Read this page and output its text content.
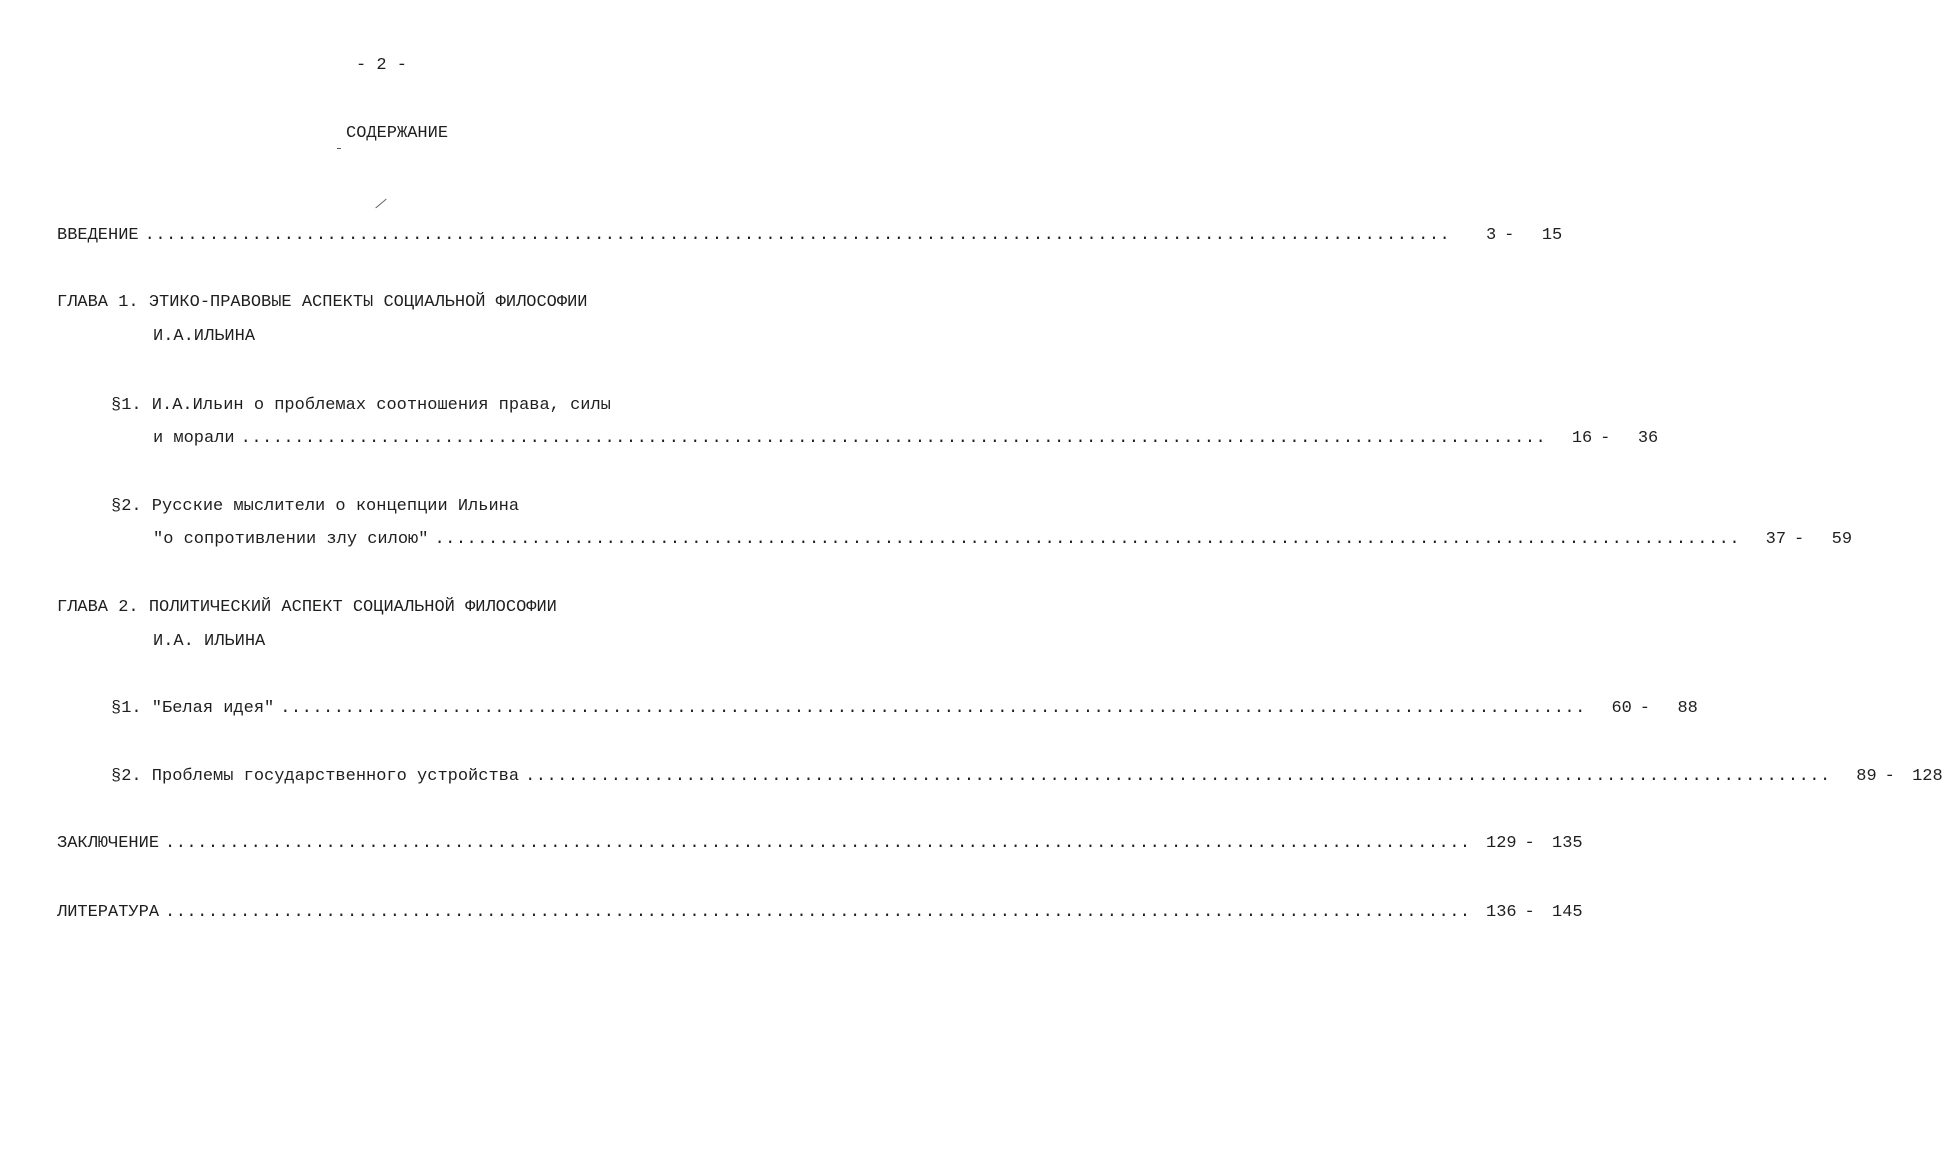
- 2 -
СОДЕРЖАНИЕ
ВВЕДЕНИЕ ..........................................................................................................................	3 -	15
ГЛАВА 1. ЭТИКО-ПРАВОВЫЕ АСПЕКТЫ СОЦИАЛЬНОЙ ФИЛОСОФИИ
И.А.ИЛЬИНА
§1. И.А.Ильин о проблемах соотношения права, силы
и морали ..........................................................................................................................	16 -	36
§2. Русские мыслители о концепции Ильина
"о сопротивлении злу силою" ..........................................................................................................................	37 -	59
ГЛАВА 2. ПОЛИТИЧЕСКИЙ АСПЕКТ СОЦИАЛЬНОЙ ФИЛОСОФИИ
И.А. ИЛЬИНА
§1. "Белая идея" ..........................................................................................................................	60 -	88
§2. Проблемы государственного устройства ..........................................................................................................................	89 -	128
ЗАКЛЮЧЕНИЕ .......................................................................................................................... 129 -	135
ЛИТЕРАТУРА .......................................................................................................................... 136 -	145
